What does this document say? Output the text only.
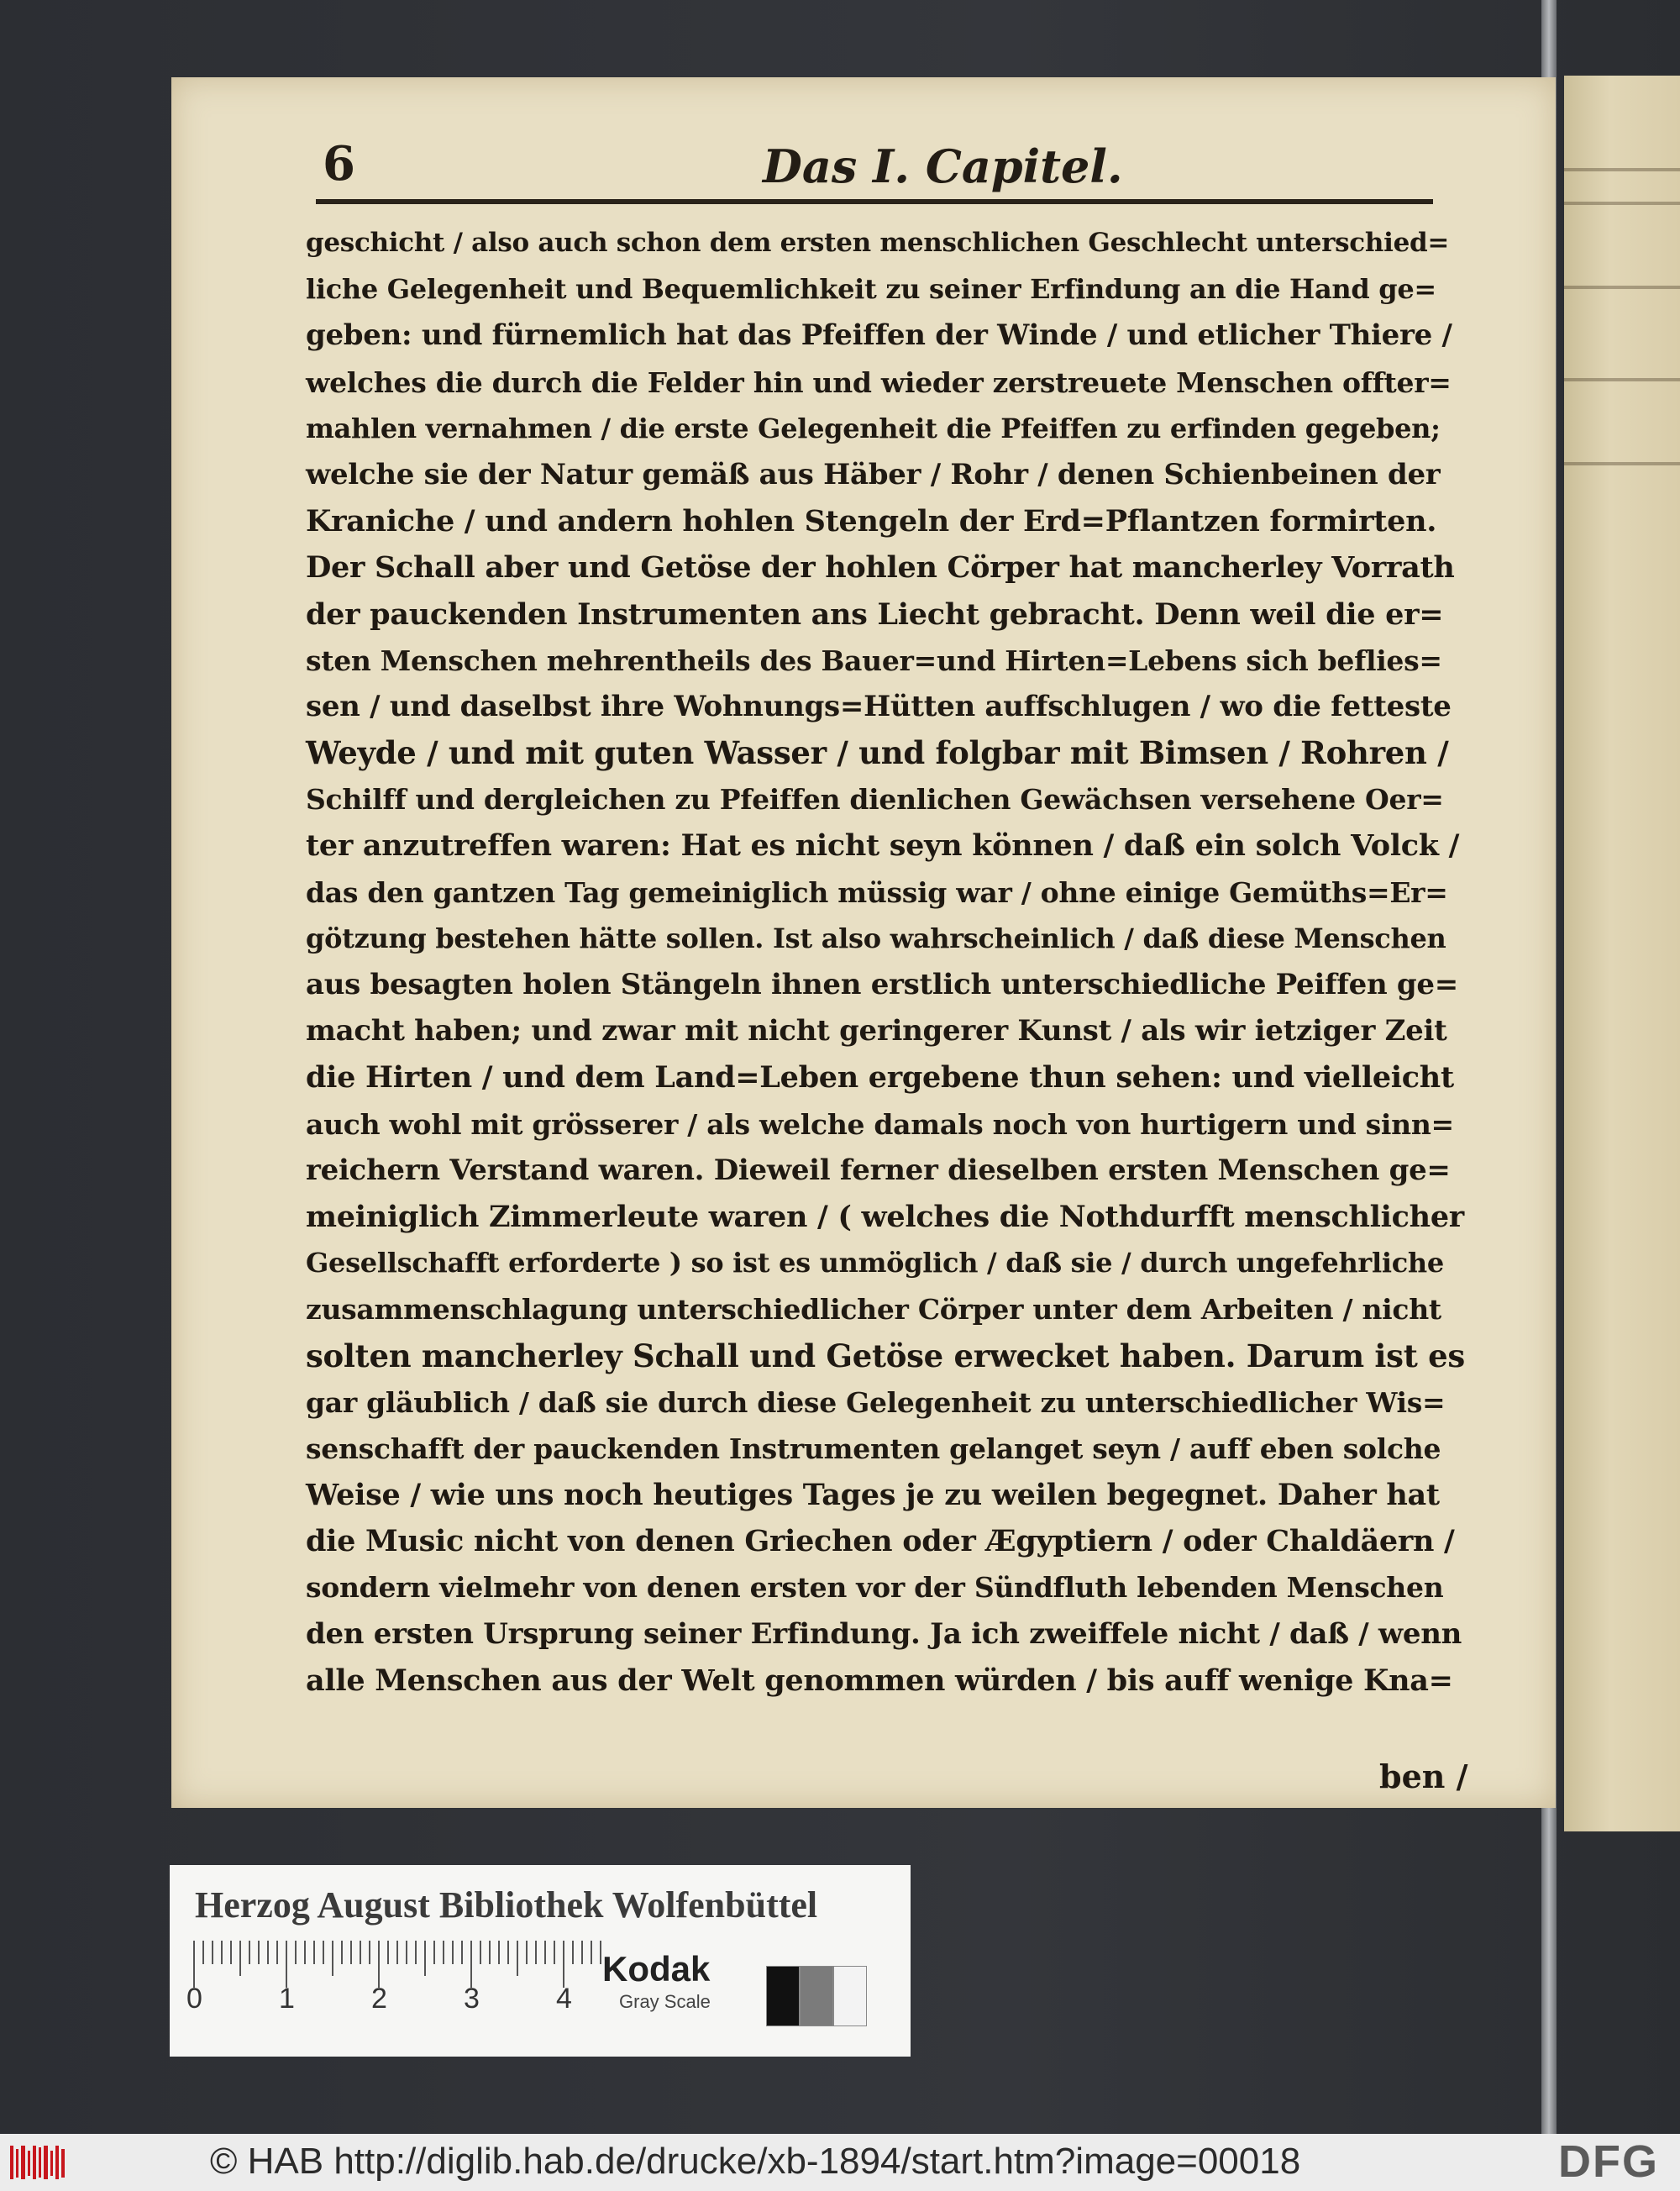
6	Das I. Capitel.
geschicht / also auch schon dem ersten menschlichen Geschlecht unterschied=
liche Gelegenheit und Bequemlichkeit zu seiner Erfindung an die Hand ge=
geben: und fürnemlich hat das Pfeiffen der Winde / und etlicher Thiere /
welches die durch die Felder hin und wieder zerstreuete Menschen offter=
mahlen vernahmen / die erste Gelegenheit die Pfeiffen zu erfinden gegeben;
welche sie der Natur gemäß aus Häber / Rohr / denen Schienbeinen der
Kraniche / und andern hohlen Stengeln der Erd=Pflantzen formirten.
Der Schall aber und Getöse der hohlen Cörper hat mancherley Vorrath
der pauckenden Instrumenten ans Liecht gebracht. Denn weil die er=
sten Menschen mehrentheils des Bauer=und Hirten=Lebens sich beflies=
sen / und daselbst ihre Wohnungs=Hütten auffschlugen / wo die fetteste
Weyde / und mit guten Wasser / und folgbar mit Bimsen / Rohren /
Schilff und dergleichen zu Pfeiffen dienlichen Gewächsen versehene Oer=
ter anzutreffen waren: Hat es nicht seyn können / daß ein solch Volck /
das den gantzen Tag gemeiniglich müssig war / ohne einige Gemüths=Er=
götzung bestehen hätte sollen. Ist also wahrscheinlich / daß diese Menschen
aus besagten holen Stängeln ihnen erstlich unterschiedliche Peiffen ge=
macht haben; und zwar mit nicht geringerer Kunst / als wir ietziger Zeit
die Hirten / und dem Land=Leben ergebene thun sehen: und vielleicht
auch wohl mit grösserer / als welche damals noch von hurtigern und sinn=
reichern Verstand waren. Dieweil ferner dieselben ersten Menschen ge=
meiniglich Zimmerleute waren / ( welches die Nothdurfft menschlicher
Gesellschafft erforderte ) so ist es unmöglich / daß sie / durch ungefehrliche
zusammenschlagung unterschiedlicher Cörper unter dem Arbeiten / nicht
solten mancherley Schall und Getöse erwecket haben. Darum ist es
gar gläublich / daß sie durch diese Gelegenheit zu unterschiedlicher Wis=
senschafft der pauckenden Instrumenten gelanget seyn / auff eben solche
Weise / wie uns noch heutiges Tages je zu weilen begegnet. Daher hat
die Music nicht von denen Griechen oder Ægyptiern / oder Chaldäern /
sondern vielmehr von denen ersten vor der Sündfluth lebenden Menschen
den ersten Ursprung seiner Erfindung. Ja ich zweiffele nicht / daß / wenn
alle Menschen aus der Welt genommen würden / bis auff wenige Kna=
ben /
Herzog August Bibliothek Wolfenbüttel
0	1	2	3	4
Kodak
Gray Scale
© HAB http://diglib.hab.de/drucke/xb-1894/start.htm?image=00018	DFG
